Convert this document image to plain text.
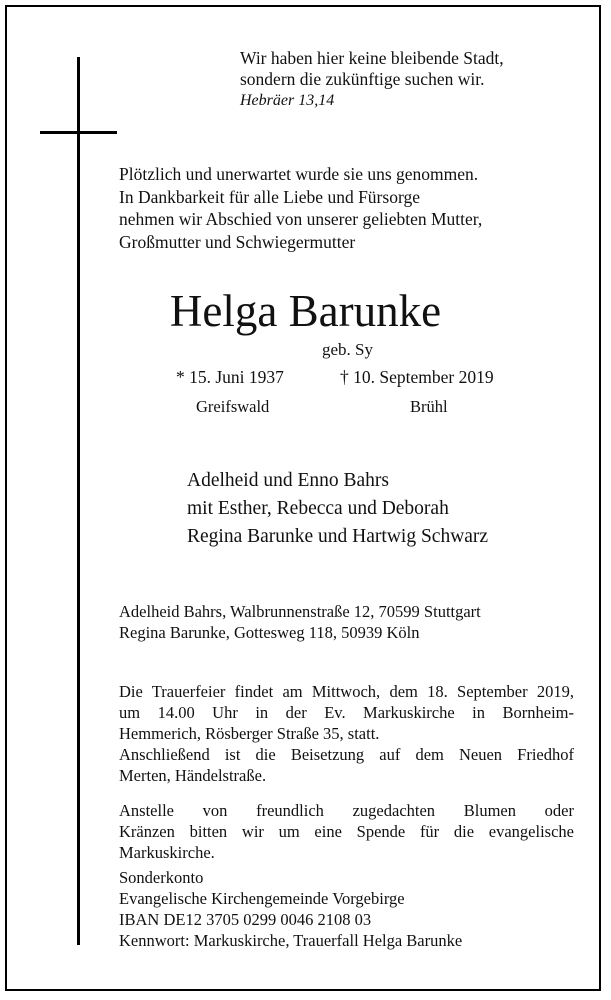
Wir haben hier keine bleibende Stadt,
sondern die zukünftige suchen wir.
Hebräer 13,14
Plötzlich und unerwartet wurde sie uns genommen.
In Dankbarkeit für alle Liebe und Fürsorge
nehmen wir Abschied von unserer geliebten Mutter,
Großmutter und Schwiegermutter
Helga Barunke
geb. Sy
* 15. Juni 1937	† 10. September 2019
Greifswald	Brühl
Adelheid und Enno Bahrs
mit Esther, Rebecca und Deborah
Regina Barunke und Hartwig Schwarz
Adelheid Bahrs, Walbrunnenstraße 12, 70599 Stuttgart
Regina Barunke, Gottesweg 118, 50939 Köln
Die Trauerfeier findet am Mittwoch, dem 18. September 2019,
um 14.00 Uhr in der Ev. Markuskirche in Bornheim-
Hemmerich, Rösberger Straße 35, statt.
Anschließend ist die Beisetzung auf dem Neuen Friedhof
Merten, Händelstraße.
Anstelle von freundlich zugedachten Blumen oder
Kränzen bitten wir um eine Spende für die evangelische
Markuskirche.
Sonderkonto
Evangelische Kirchengemeinde Vorgebirge
IBAN DE12 3705 0299 0046 2108 03
Kennwort: Markuskirche, Trauerfall Helga Barunke
